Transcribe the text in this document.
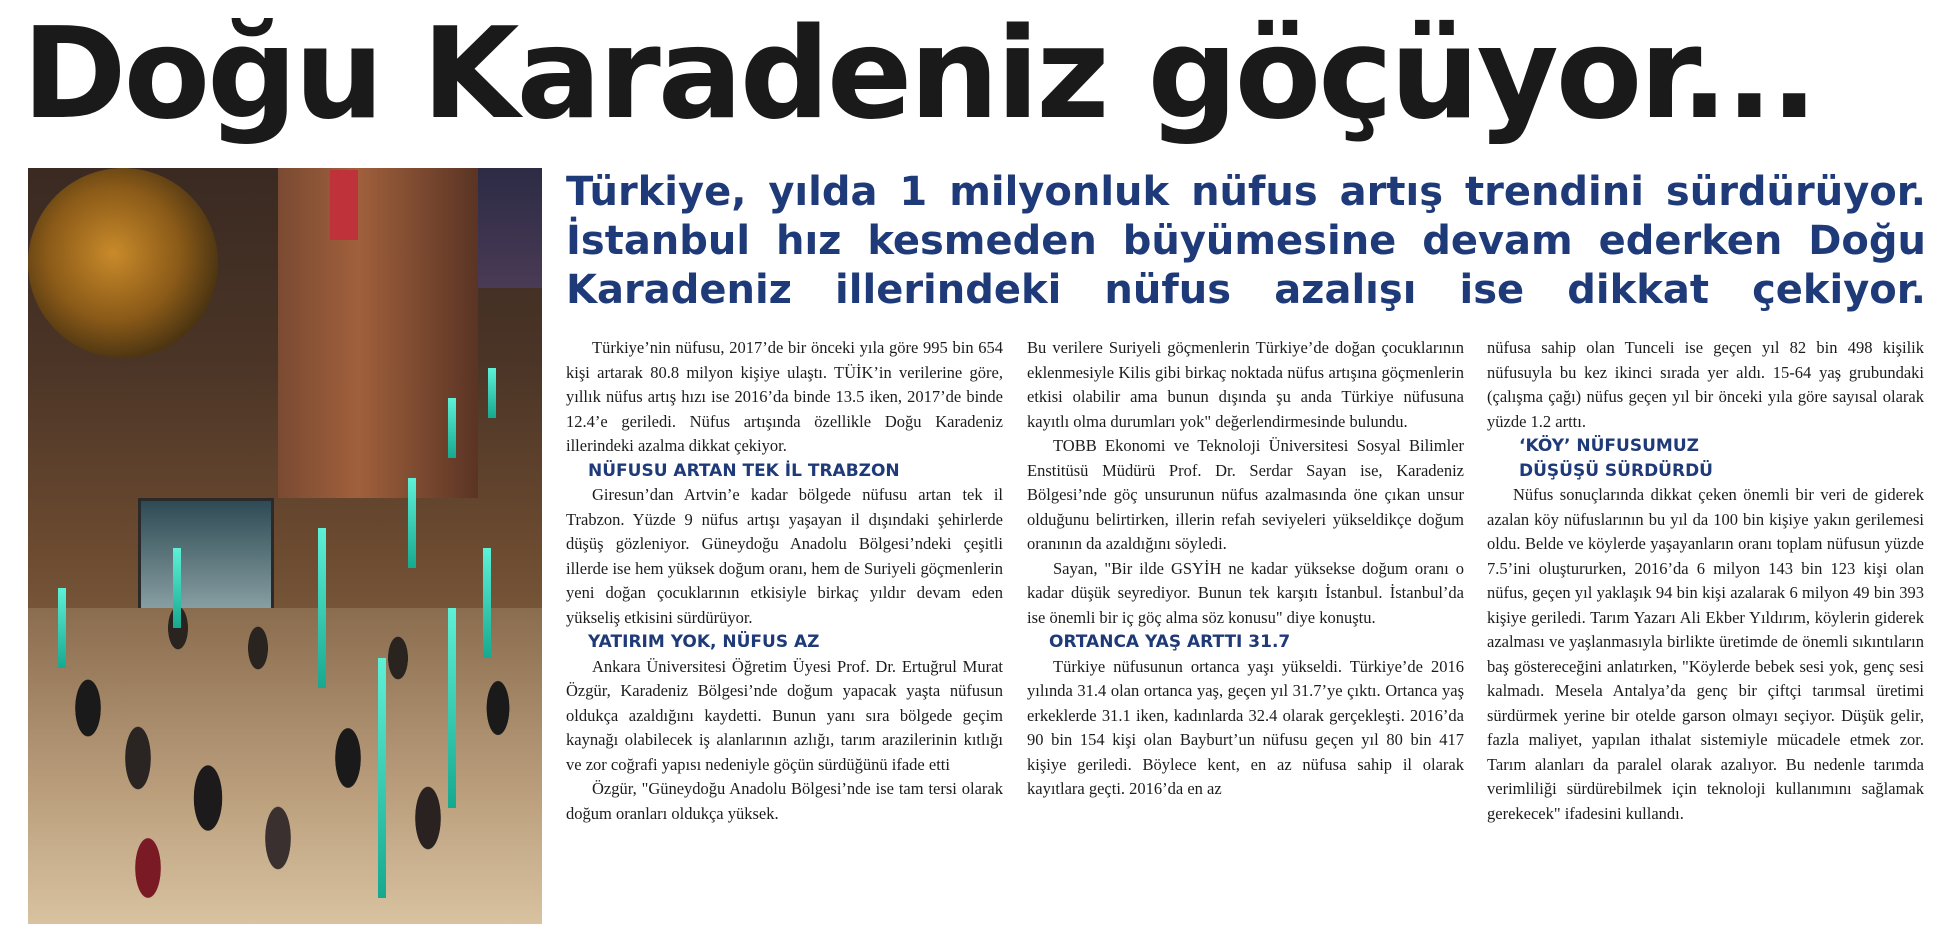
Doğu Karadeniz göçüyor...
Türkiye, yılda 1 milyonluk nüfus artış trendini sürdürüyor. İstanbul hız kesmeden büyümesine devam ederken Doğu Karadeniz illerindeki nüfus azalışı ise dikkat çekiyor.

Türkiye’nin nüfusu, 2017’de bir önceki yıla göre 995 bin 654 kişi artarak 80.8 milyon kişiye ulaştı. TÜİK’in verilerine göre, yıllık nüfus artış hızı ise 2016’da binde 13.5 iken, 2017’de binde 12.4’e geriledi. Nüfus artışında özellikle Doğu Karadeniz illerindeki azalma dikkat çekiyor.

NÜFUSU ARTAN TEK İL TRABZON

Giresun’dan Artvin’e kadar bölgede nüfusu artan tek il Trabzon. Yüzde 9 nüfus artışı yaşayan il dışındaki şehirlerde düşüş gözleniyor. Güneydoğu Anadolu Bölgesi’ndeki çeşitli illerde ise hem yüksek doğum oranı, hem de Suriyeli göçmenlerin yeni doğan çocuklarının etkisiyle birkaç yıldır devam eden yükseliş etkisini sürdürüyor.

YATIRIM YOK, NÜFUS AZ

Ankara Üniversitesi Öğretim Üyesi Prof. Dr. Ertuğrul Murat Özgür, Karadeniz Bölgesi’nde doğum yapacak yaşta nüfusun oldukça azaldığını kaydetti. Bunun yanı sıra bölgede geçim kaynağı olabilecek iş alanlarının azlığı, tarım arazilerinin kıtlığı ve zor coğrafi yapısı nedeniyle göçün sürdüğünü ifade etti

Özgür, "Güneydoğu Anadolu Bölgesi’nde ise tam tersi olarak doğum oranları oldukça yüksek.

Bu verilere Suriyeli göçmenlerin Türkiye’de doğan çocuklarının eklenmesiyle Kilis gibi birkaç noktada nüfus artışına göçmenlerin etkisi olabilir ama bunun dışında şu anda Türkiye nüfusuna kayıtlı olma durumları yok" değerlendirmesinde bulundu.

TOBB Ekonomi ve Teknoloji Üniversitesi Sosyal Bilimler Enstitüsü Müdürü Prof. Dr. Serdar Sayan ise, Karadeniz Bölgesi’nde göç unsurunun nüfus azalmasında öne çıkan unsur olduğunu belirtirken, illerin refah seviyeleri yükseldikçe doğum oranının da azaldığını söyledi.

Sayan, "Bir ilde GSYİH ne kadar yüksekse doğum oranı o kadar düşük seyrediyor. Bunun tek karşıtı İstanbul. İstanbul’da ise önemli bir iç göç alma söz konusu" diye konuştu.

ORTANCA YAŞ ARTTI 31.7

Türkiye nüfusunun ortanca yaşı yükseldi. Türkiye’de 2016 yılında 31.4 olan ortanca yaş, geçen yıl 31.7’ye çıktı. Ortanca yaş erkeklerde 31.1 iken, kadınlarda 32.4 olarak gerçekleşti. 2016’da 90 bin 154 kişi olan Bayburt’un nüfusu geçen yıl 80 bin 417 kişiye geriledi. Böylece kent, en az nüfusa sahip il olarak kayıtlara geçti. 2016’da en az

nüfusa sahip olan Tunceli ise geçen yıl 82 bin 498 kişilik nüfusuyla bu kez ikinci sırada yer aldı. 15-64 yaş grubundaki (çalışma çağı) nüfus geçen yıl bir önceki yıla göre sayısal olarak yüzde 1.2 arttı.

‘KÖY’ NÜFUSUMUZ
DÜŞÜŞÜ SÜRDÜRDÜ

Nüfus sonuçlarında dikkat çeken önemli bir veri de giderek azalan köy nüfuslarının bu yıl da 100 bin kişiye yakın gerilemesi oldu. Belde ve köylerde yaşayanların oranı toplam nüfusun yüzde 7.5’ini oluştururken, 2016’da 6 milyon 143 bin 123 kişi olan nüfus, geçen yıl yaklaşık 94 bin kişi azalarak 6 milyon 49 bin 393 kişiye geriledi. Tarım Yazarı Ali Ekber Yıldırım, köylerin giderek azalması ve yaşlanmasıyla birlikte üretimde de önemli sıkıntıların baş göstereceğini anlatırken, "Köylerde bebek sesi yok, genç sesi kalmadı. Mesela Antalya’da genç bir çiftçi tarımsal üretimi sürdürmek yerine bir otelde garson olmayı seçiyor. Düşük gelir, fazla maliyet, yapılan ithalat sistemiyle mücadele etmek zor. Tarım alanları da paralel olarak azalıyor. Bu nedenle tarımda verimliliği sürdürebilmek için teknoloji kullanımını sağlamak gerekecek" ifadesini kullandı.
